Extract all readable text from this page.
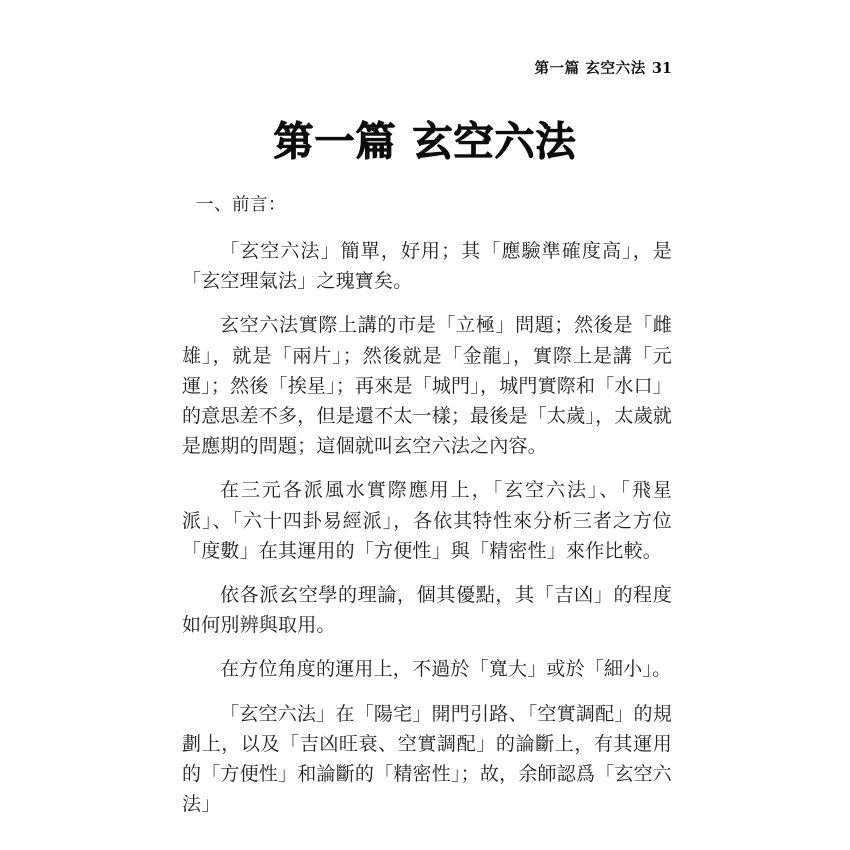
第一篇 玄空六法 31
第一篇 玄空六法
一、前言：

「玄空六法」簡單，好用；其「應驗準確度高」，是「玄空理氣法」之瑰寶矣。

玄空六法實際上講的市是「立極」問題；然後是「雌雄」，就是「兩片」；然後就是「金龍」，實際上是講「元運」；然後「挨星」；再來是「城門」，城門實際和「水口」的意思差不多，但是還不太一樣；最後是「太歲」，太歲就是應期的問題；這個就叫玄空六法之內容。

在三元各派風水實際應用上，「玄空六法」、「飛星派」、「六十四卦易經派」，各依其特性來分析三者之方位「度數」在其運用的「方便性」與「精密性」來作比較。

依各派玄空學的理論，個其優點，其「吉凶」的程度如何別辨與取用。

在方位角度的運用上，不過於「寬大」或於「細小」。

「玄空六法」在「陽宅」開門引路、「空實調配」的規劃上，以及「吉凶旺衰、空實調配」的論斷上，有其運用的「方便性」和論斷的「精密性」；故，余師認爲「玄空六法」
